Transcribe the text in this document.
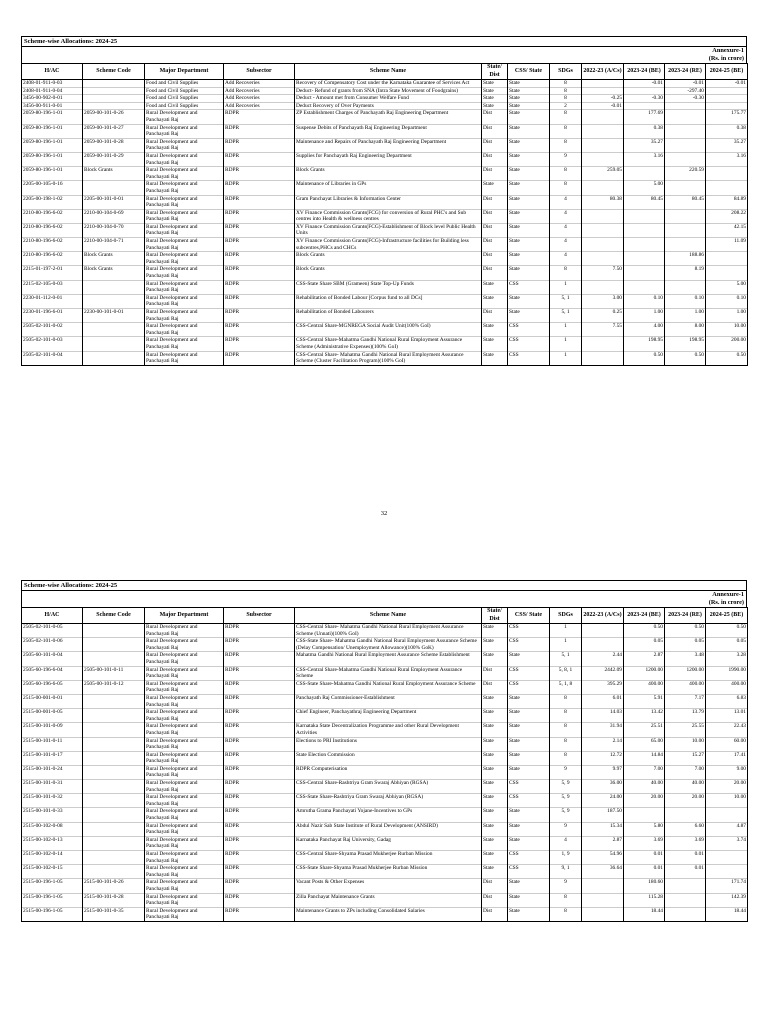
Scheme-wise Allocations: 2024-25
Annexure-1
(Rs. in crore)
H/AC	Scheme Code	Major Department	Subsector	Scheme Name	State/ Dist	CSS/ State	SDGs	2022-23 (A/Cs)	2023-24 (BE)	2023-24 (RE)	2024-25 (BE)
2408-01-911-0-03		Food and Civil Supplies	Add Recoveries	Recovery of Compensatory Cost under the Karnataka Guarantee of Services Act	State	State	8		-0.01	-0.01	-0.01
2408-01-911-0-04		Food and Civil Supplies	Add Recoveries	Deduct- Refund of grants from SNA (Intra State Movement of Foodgrains)	State	State	8			-297.40	
3456-00-902-0-01		Food and Civil Supplies	Add Recoveries	Deduct - Amount met from Consumer Welfare Fund	State	State	8	-0.25	-0.30	-0.30	
3456-00-911-0-01		Food and Civil Supplies	Add Recoveries	Deduct Recovery of Over Payments	State	State	2	-0.01			
2059-80-196-1-01	2059-00-101-0-26	Rural Development and Panchayati Raj	RDPR	ZP Establishment Charges of Panchayath Raj Engineering Department	Dist	State	8		177.69		175.77
2059-80-196-1-01	2059-00-101-0-27	Rural Development and Panchayati Raj	RDPR	Suspense Debits of Panchayath Raj Engineering Department	Dist	State	8		0.38		0.38
2059-80-196-1-01	2059-00-101-0-28	Rural Development and Panchayati Raj	RDPR	Maintenance and Repairs of Panchayath Raj Engineering Department	Dist	State	8		35.27		35.27
2059-80-196-1-01	2059-00-101-0-29	Rural Development and Panchayati Raj	RDPR	Supplies for Panchayath Raj Engineering Department	Dist	State	9		3.16		3.16
2059-80-196-1-01	Block Grants	Rural Development and Panchayati Raj	RDPR	Block Grants	Dist	State	8	259.05		220.59	
2205-00-105-0-16		Rural Development and Panchayati Raj	RDPR	Maintenance of Libraries in GPs	State	State	8		5.00		
2205-00-198-1-02	2205-00-101-0-01	Rural Development and Panchayati Raj	RDPR	Gram Panchayat Libraries & Information Center	Dist	State	4	80.38	80.45	80.45	84.89
2210-80-196-6-02	2210-00-104-0-69	Rural Development and Panchayati Raj	RDPR	XV Finance Commission Grants(FCG) for conversion of Rural PHC's and Sub centres into Health & wellness centres	Dist	State	4				208.22
2210-80-196-6-02	2210-00-104-0-70	Rural Development and Panchayati Raj	RDPR	XV Finance Commission Grants(FCG)-Establishment of Block level Public Health Units	Dist	State	4				42.15
2210-80-196-6-02	2210-00-104-0-71	Rural Development and Panchayati Raj	RDPR	XV Finance Commission Grants(FCG)-Infrastructure facilities for Building less subcentres,PHCs and CHCs	Dist	State	4				11.09
2210-80-196-6-02	Block Grants	Rural Development and Panchayati Raj	RDPR	Block Grants	Dist	State	4			188.86	
2215-01-197-2-01	Block Grants	Rural Development and Panchayati Raj	RDPR	Block Grants	Dist	State	8	7.50		8.19	
2215-02-105-0-03		Rural Development and Panchayati Raj	RDPR	CSS-State Share SBM (Grameen) State Top-Up Funds	State	CSS	1				5.00
2230-01-112-0-01		Rural Development and Panchayati Raj	RDPR	Rehabilitation of Bonded Labour [Corpus fund to all DCs]	State	State	5, 1	3.00	0.10	0.10	0.10
2230-01-196-6-01	2230-00-101-0-01	Rural Development and Panchayati Raj	RDPR	Rehabilitation of Bonded Labourers	Dist	State	5, 1	0.25	1.00	1.00	1.00
2505-02-101-0-02		Rural Development and Panchayati Raj	RDPR	CSS-Central Share-MGNREGA Social Audit Unit(100% GoI)	State	CSS	1	7.55	4.00	8.00	10.00
2505-02-101-0-03		Rural Development and Panchayati Raj	RDPR	CSS-Central Share-Mahatma Gandhi National Rural Employment Assurance Scheme (Administrative Expenses)(100% GoI)	State	CSS	1		198.95	198.95	200.00
2505-02-101-0-04		Rural Development and Panchayati Raj	RDPR	CSS-Central Share- Mahatma Gandhi National Rural Employment Assurance Scheme (Cluster Facilitation Program)(100% GoI)	State	CSS	1		0.50	0.50	0.50
32
Scheme-wise Allocations: 2024-25
Annexure-1
(Rs. in crore)
H/AC	Scheme Code	Major Department	Subsector	Scheme Name	State/ Dist	CSS/ State	SDGs	2022-23 (A/Cs)	2023-24 (BE)	2023-24 (RE)	2024-25 (BE)
2505-02-101-0-05		Rural Development and Panchayati Raj	RDPR	CSS-Central Share- Mahatma Gandhi National Rural Employment Assurance Scheme (Unnati)(100% GoI)	State	CSS	1		0.50	0.50	0.50
2505-02-101-0-06		Rural Development and Panchayati Raj	RDPR	CSS-State Share- Mahatma Gandhi National Rural Employment Assurance Scheme (Delay Compensation/ Unemployment Allowance)(100% GoK)	State	CSS	1		0.05	0.05	0.05
2505-60-101-0-04		Rural Development and Panchayati Raj	RDPR	Mahatma Gandhi National Rural Employment Assurance Scheme Establishment	State	State	5, 1	2.44	2.87	3.48	3.28
2505-60-196-6-04	2505-00-101-0-11	Rural Development and Panchayati Raj	RDPR	CSS-Central Share-Mahatma Gandhi National Rural Employment Assurance Scheme	Dist	CSS	5, 8, 1	2442.09	1200.00	1200.00	1990.00
2505-60-196-6-05	2505-00-101-0-12	Rural Development and Panchayati Raj	RDPR	CSS-State Share-Mahatma Gandhi National Rural Employment Assurance Scheme	Dist	CSS	5, 1, 8	395.29	400.00	400.00	400.00
2515-00-001-0-01		Rural Development and Panchayati Raj	RDPR	Panchayath Raj Commissioner-Establishment	State	State	8	6.01	5.91	7.17	6.83
2515-00-001-0-05		Rural Development and Panchayati Raj	RDPR	Chief Engineer, Panchayathraj Engineering Department	State	State	8	14.03	13.42	13.79	13.01
2515-00-101-0-09		Rural Development and Panchayati Raj	RDPR	Karnataka State Decentralization Programme and other Rural Development Activities	State	State	8	31.94	25.51	25.55	22.43
2515-00-101-0-11		Rural Development and Panchayati Raj	RDPR	Elections to PRI Institutions	State	State	8	2.14	65.00	10.00	60.00
2515-00-101-0-17		Rural Development and Panchayati Raj	RDPR	State Election Commission	State	State	8	12.72	14.84	15.27	17.41
2515-00-101-0-24		Rural Development and Panchayati Raj	RDPR	RDPR Computerisation	State	State	9	9.97	7.00	7.00	9.00
2515-00-101-0-31		Rural Development and Panchayati Raj	RDPR	CSS-Central Share-Rashtriya Gram Swaraj Abhiyan (RGSA)	State	CSS	5, 9	36.00	40.00	40.00	20.00
2515-00-101-0-32		Rural Development and Panchayati Raj	RDPR	CSS-State Share-Rashtriya Gram Swaraj Abhiyan (RGSA)	State	CSS	5, 9	24.00	20.00	20.00	10.00
2515-00-101-0-33		Rural Development and Panchayati Raj	RDPR	Amrutha Grama Panchayati Yojane-Incentives to GPs	State	State	5, 9	187.50			
2515-00-102-0-08		Rural Development and Panchayati Raj	RDPR	Abdul Nazir Sab State Institute of Rural Development (ANSIRD)	State	State	9	15.34	5.80	6.60	4.87
2515-00-102-0-13		Rural Development and Panchayati Raj	RDPR	Karnataka Panchayat Raj University, Gadag	State	State	4	2.87	3.69	3.69	3.74
2515-00-102-0-14		Rural Development and Panchayati Raj	RDPR	CSS-Central Share-Shyama Prasad Mukherjee Rurban Mission	State	CSS	1, 9	54.96	0.01	0.01	
2515-00-102-0-15		Rural Development and Panchayati Raj	RDPR	CSS-State Share-Shyama Prasad Mukherjee Rurban Mission	State	CSS	9, 1	36.64	0.01	0.01	
2515-00-196-1-05	2515-00-101-0-26	Rural Development and Panchayati Raj	RDPR	Vacant Posts & Other Expenses	Dist	State	9		180.60		171.74
2515-00-196-1-05	2515-00-101-0-28	Rural Development and Panchayati Raj	RDPR	Zilla Panchayat Maintenance Grants	Dist	State	8		115.28		142.39
2515-00-196-1-05	2515-00-101-0-35	Rural Development and Panchayati Raj	RDPR	Maintenance Grants to ZPs including Consolidated Salaries	Dist	State	8		18.44		18.44
